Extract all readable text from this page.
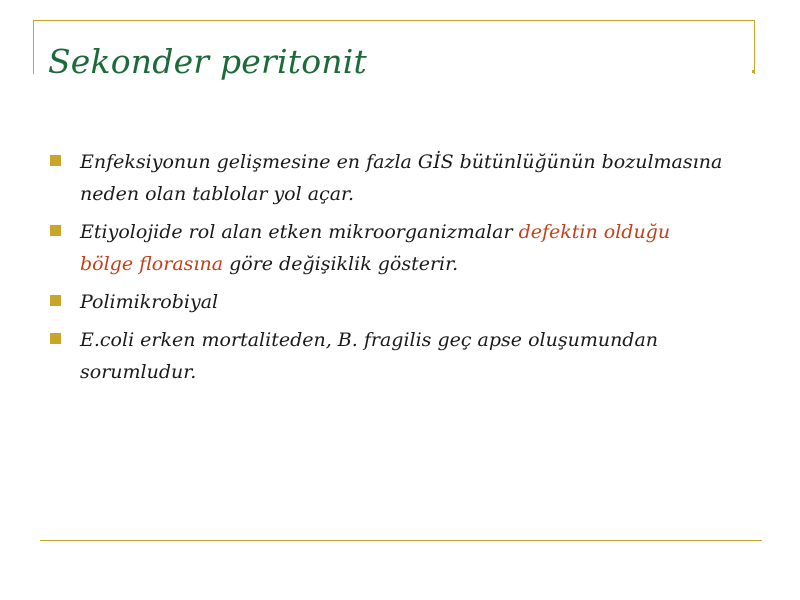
Sekonder peritonit
Enfeksiyonun gelişmesine en fazla GİS bütünlüğünün bozulmasına neden olan tablolar yol açar.
Etiyolojide rol alan etken mikroorganizmalar defektin olduğu bölge florasına göre değişiklik gösterir.
Polimikrobiyal
E.coli erken mortaliteden, B. fragilis geç apse oluşumundan sorumludur.
